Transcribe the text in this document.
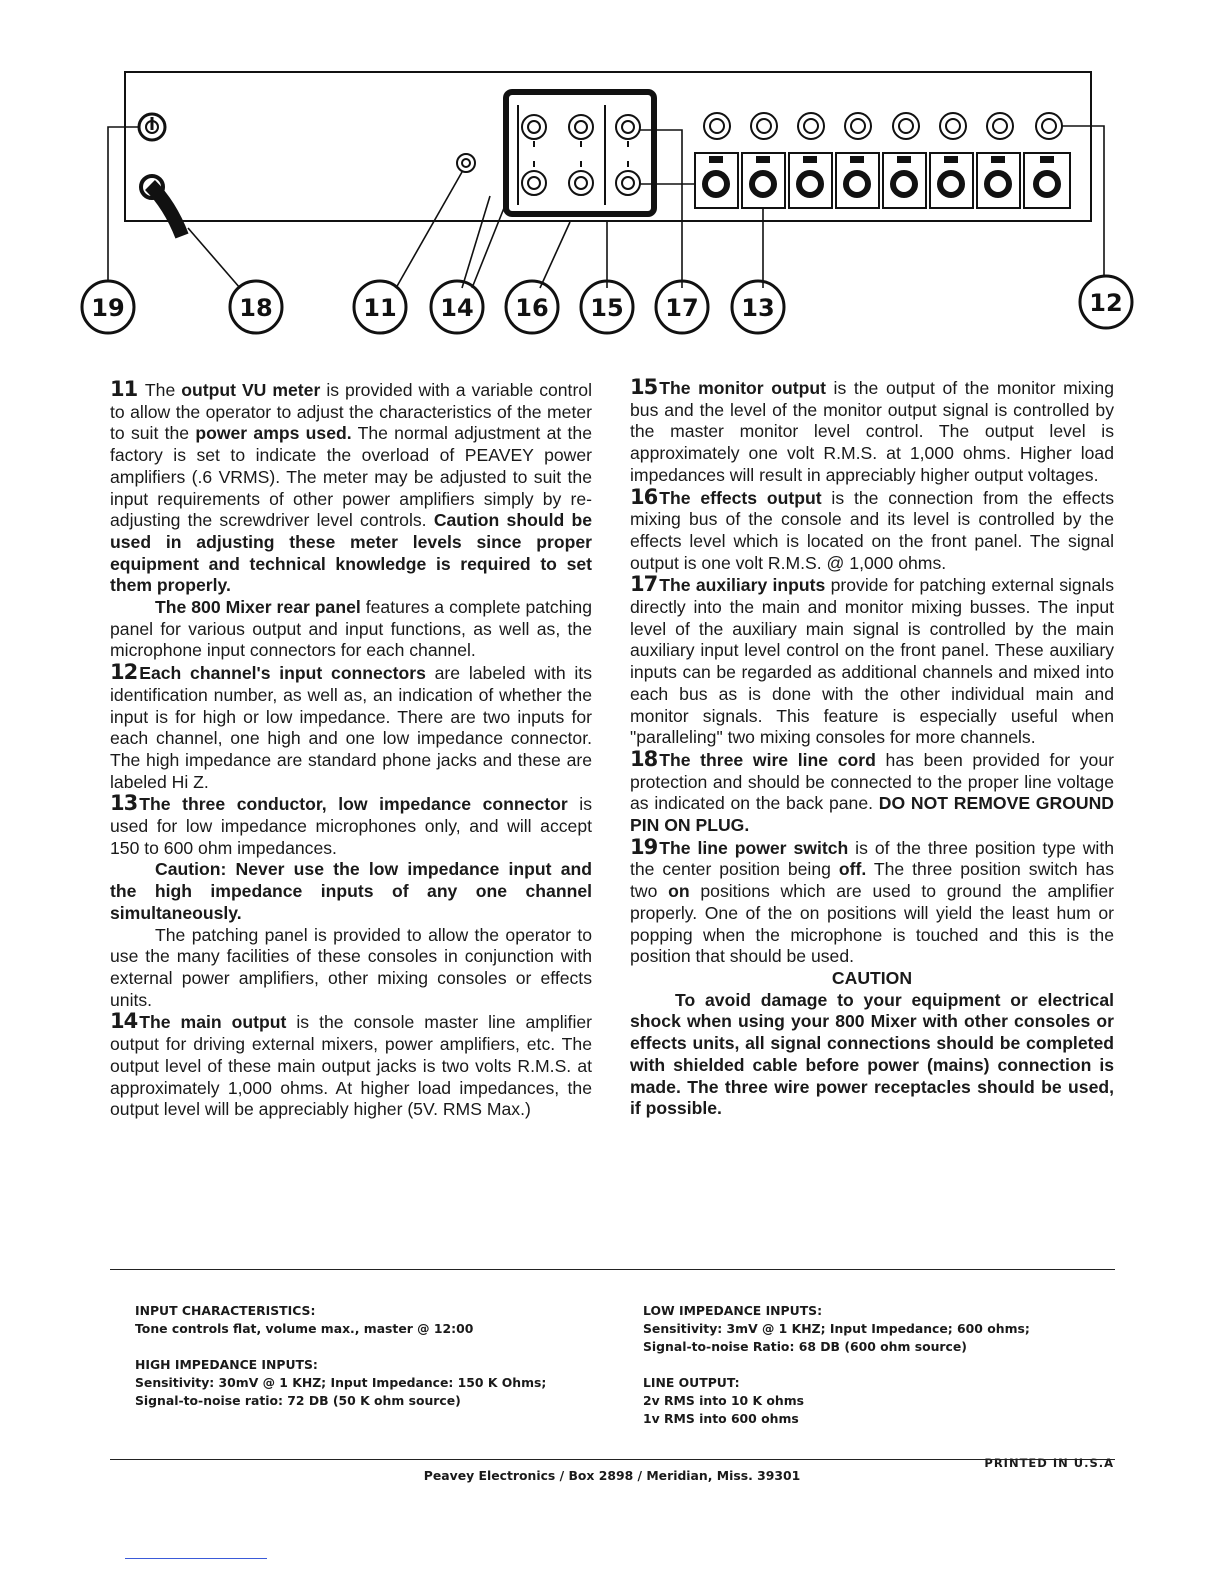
19	18	11 14 16 15 17 13	12

11 The output VU meter is provided with a variable control to allow the operator to adjust the characteristics of the meter to suit the power amps used. The normal adjustment at the factory is set to indicate the overload of PEAVEY power amplifiers (.6 VRMS). The meter may be adjusted to suit the input requirements of other power amplifiers simply by re-adjusting the screwdriver level controls. Caution should be used in adjusting these meter levels since proper equipment and technical knowledge is required to set them properly.

The 800 Mixer rear panel features a complete patching panel for various output and input functions, as well as, the microphone input connectors for each channel.

12 Each channel's input connectors are labeled with its identification number, as well as, an indication of whether the input is for high or low impedance. There are two inputs for each channel, one high and one low impedance connector. The high impedance are standard phone jacks and these are labeled Hi Z.

13 The three conductor, low impedance connector is used for low impedance microphones only, and will accept 150 to 600 ohm impedances.

Caution: Never use the low impedance input and the high impedance inputs of any one channel simultaneously.

The patching panel is provided to allow the operator to use the many facilities of these consoles in conjunction with external power amplifiers, other mixing consoles or effects units.

14 The main output is the console master line amplifier output for driving external mixers, power amplifiers, etc. The output level of these main output jacks is two volts R.M.S. at approximately 1,000 ohms. At higher load impedances, the output level will be appreciably higher (5V. RMS Max.)

15 The monitor output is the output of the monitor mixing bus and the level of the monitor output signal is controlled by the master monitor level control. The output level is approximately one volt R.M.S. at 1,000 ohms. Higher load impedances will result in appreciably higher output voltages.

16 The effects output is the connection from the effects mixing bus of the console and its level is controlled by the effects level which is located on the front panel. The signal output is one volt R.M.S. @ 1,000 ohms.

17 The auxiliary inputs provide for patching external signals directly into the main and monitor mixing busses. The input level of the auxiliary main signal is controlled by the main auxiliary input level control on the front panel. These auxiliary inputs can be regarded as additional channels and mixed into each bus as is done with the other individual main and monitor signals. This feature is especially useful when "paralleling" two mixing consoles for more channels.

18 The three wire line cord has been provided for your protection and should be connected to the proper line voltage as indicated on the back pane. DO NOT REMOVE GROUND PIN ON PLUG.

19 The line power switch is of the three position type with the center position being off. The three position switch has two on positions which are used to ground the amplifier properly. One of the on positions will yield the least hum or popping when the microphone is touched and this is the position that should be used.

CAUTION

To avoid damage to your equipment or electrical shock when using your 800 Mixer with other consoles or effects units, all signal connections should be completed with shielded cable before power (mains) connection is made. The three wire power receptacles should be used, if possible.

INPUT CHARACTERISTICS:
Tone controls flat, volume max., master @ 12:00
HIGH IMPEDANCE INPUTS:
Sensitivity: 30mV @ 1 KHZ; Input Impedance: 150 K Ohms;
Signal-to-noise ratio: 72 DB (50 K ohm source)
LOW IMPEDANCE INPUTS:
Sensitivity: 3mV @ 1 KHZ; Input Impedance; 600 ohms;
Signal-to-noise Ratio: 68 DB (600 ohm source)
LINE OUTPUT:
2v RMS into 10 K ohms
1v RMS into 600 ohms
PRINTED IN U.S.A
Peavey Electronics / Box 2898 / Meridian, Miss. 39301
